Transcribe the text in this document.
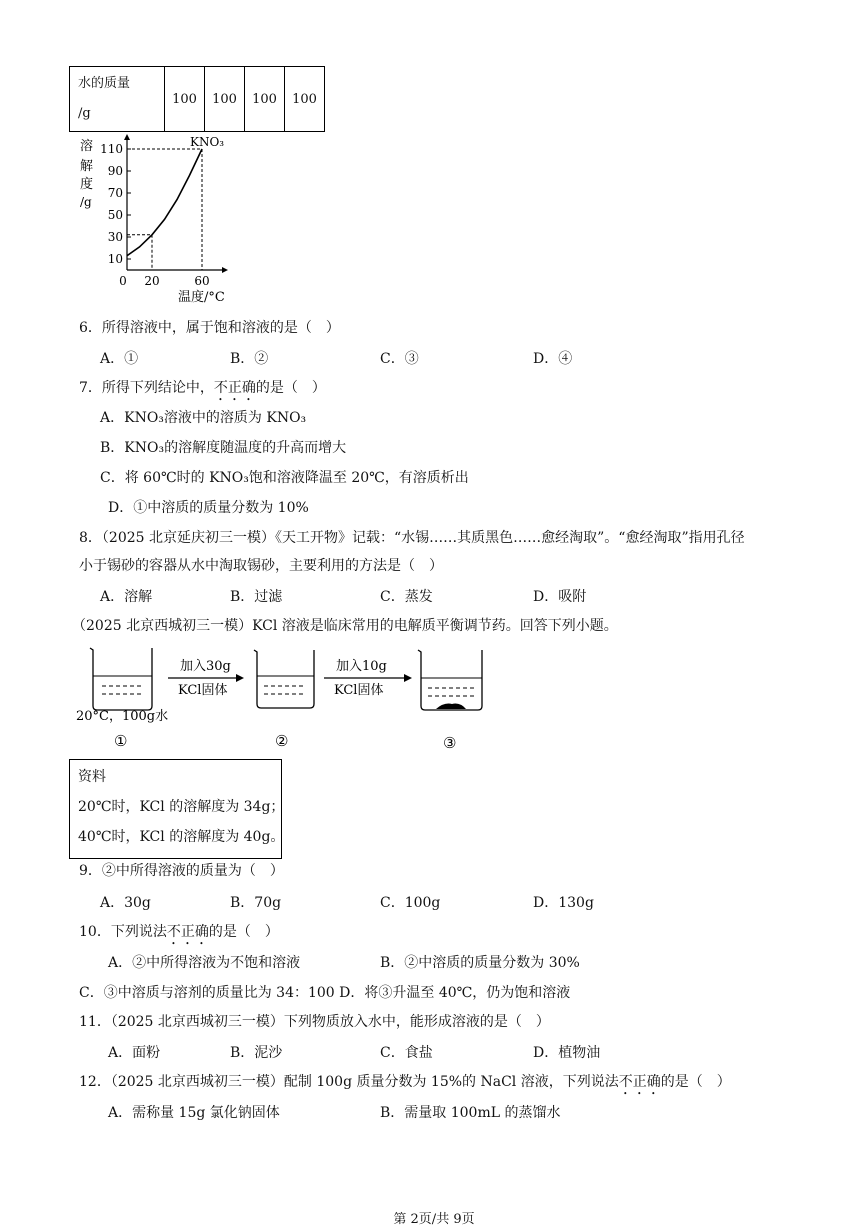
水的质量
/g	100	100	100	100
10
30
50
70
90
110
0 20	60
KNO₃
溶
解
度
/g
温度/°C
6．所得溶液中，属于饱和溶液的是（　）
A．①	B．②	C．③	D．④
7．所得下列结论中，不正确的是（　）
A．KNO₃溶液中的溶质为 KNO₃
B．KNO₃的溶解度随温度的升高而增大
C．将 60℃时的 KNO₃饱和溶液降温至 20℃，有溶质析出
D．①中溶质的质量分数为 10%
8．（2025 北京延庆初三一模）《天工开物》记载：“水锡……其质黑色……愈经淘取”。“愈经淘取”指用孔径
小于锡砂的容器从水中淘取锡砂，主要利用的方法是（　）
A．溶解	B．过滤	C．蒸发	D．吸附
（2025 北京西城初三一模）KCl 溶液是临床常用的电解质平衡调节药。回答下列小题。
加入30g
KCl固体
加入10g
KCl固体
20°C，100g水
①	②	③
资料
20℃时，KCl 的溶解度为 34g；
40℃时，KCl 的溶解度为 40g。
9．②中所得溶液的质量为（　）
A．30g	B．70g	C．100g	D．130g
10．下列说法不正确的是（　）
A．②中所得溶液为不饱和溶液	B．②中溶质的质量分数为 30%
C．③中溶质与溶剂的质量比为 34：100 D．将③升温至 40℃，仍为饱和溶液
11．（2025 北京西城初三一模）下列物质放入水中，能形成溶液的是（　）
A．面粉	B．泥沙	C．食盐	D．植物油
12．（2025 北京西城初三一模）配制 100g 质量分数为 15%的 NaCl 溶液，下列说法不正确的是（　）
A．需称量 15g 氯化钠固体	B．需量取 100mL 的蒸馏水
第 2页/共 9页
